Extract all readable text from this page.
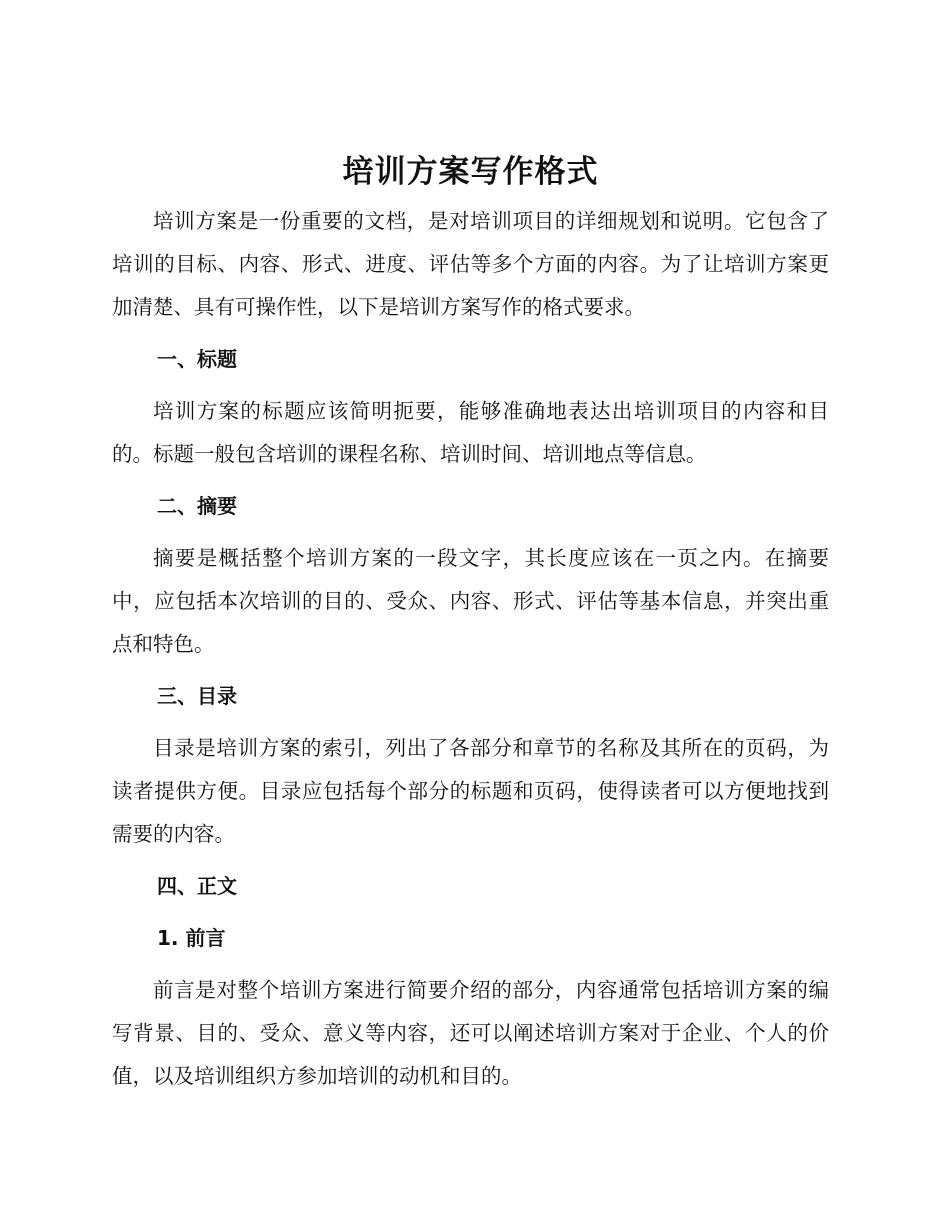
培训方案写作格式

培训方案是一份重要的文档，是对培训项目的详细规划和说明。它包含了培训的目标、内容、形式、进度、评估等多个方面的内容。为了让培训方案更加清楚、具有可操作性，以下是培训方案写作的格式要求。

一、标题

培训方案的标题应该简明扼要，能够准确地表达出培训项目的内容和目的。标题一般包含培训的课程名称、培训时间、培训地点等信息。

二、摘要

摘要是概括整个培训方案的一段文字，其长度应该在一页之内。在摘要中，应包括本次培训的目的、受众、内容、形式、评估等基本信息，并突出重点和特色。

三、目录

目录是培训方案的索引，列出了各部分和章节的名称及其所在的页码，为读者提供方便。目录应包括每个部分的标题和页码，使得读者可以方便地找到需要的内容。

四、正文
1. 前言

前言是对整个培训方案进行简要介绍的部分，内容通常包括培训方案的编写背景、目的、受众、意义等内容，还可以阐述培训方案对于企业、个人的价值，以及培训组织方参加培训的动机和目的。
